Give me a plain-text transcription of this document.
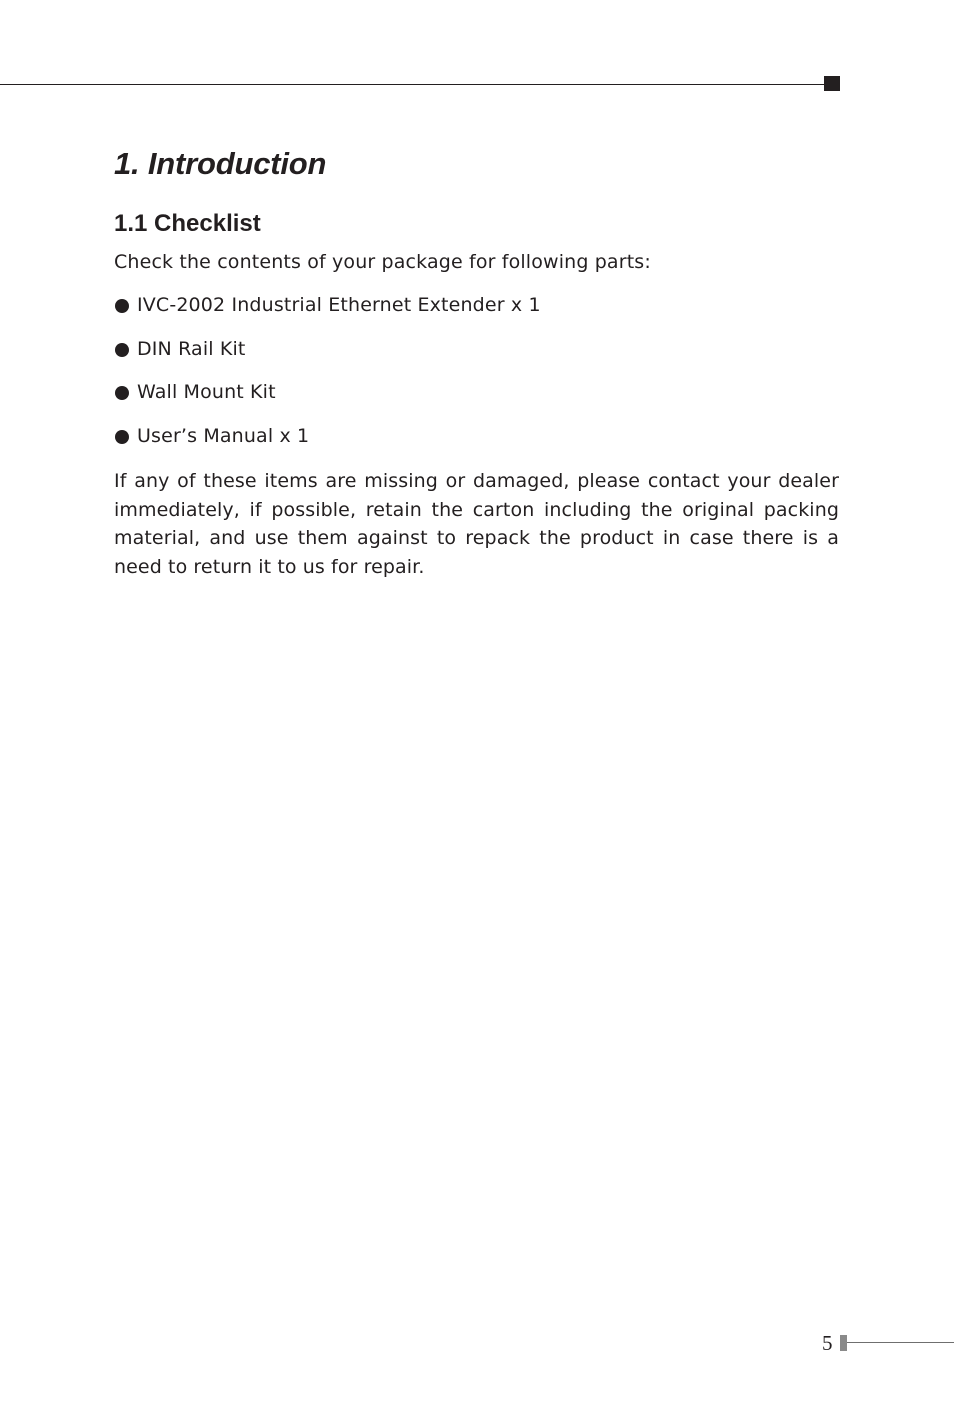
1. Introduction
1.1 Checklist

Check the contents of your package for following parts:

IVC-2002 Industrial Ethernet Extender x 1
DIN Rail Kit
Wall Mount Kit
User’s Manual x 1

If any of these items are missing or damaged, please contact your dealer immediately, if possible, retain the carton including the original packing material, and use them against to repack the product in case there is a need to return it to us for repair.

5
